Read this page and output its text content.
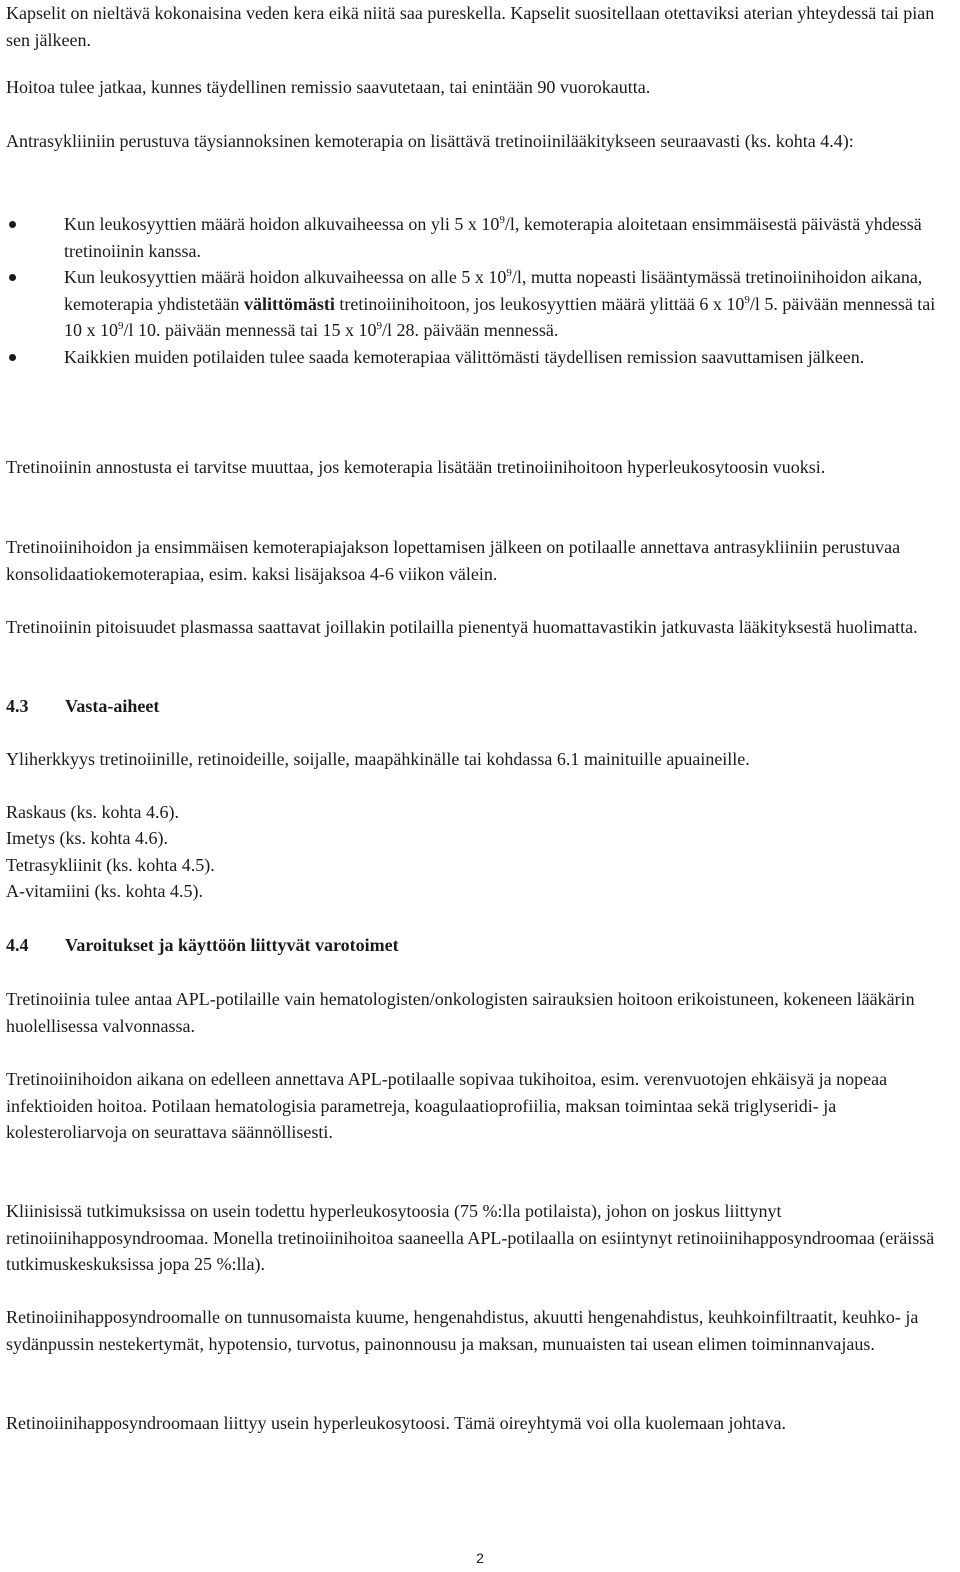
Kapselit on nieltävä kokonaisina veden kera eikä niitä saa pureskella. Kapselit suositellaan otettaviksi aterian yhteydessä tai pian sen jälkeen.

Hoitoa tulee jatkaa, kunnes täydellinen remissio saavutetaan, tai enintään 90 vuorokautta.

Antrasykliiniin perustuva täysiannoksinen kemoterapia on lisättävä tretinoiinilääkitykseen seuraavasti (ks. kohta 4.4):

Kun leukosyyttien määrä hoidon alkuvaiheessa on yli 5 x $10^9/l$, kemoterapia aloitetaan ensimmäisestä päivästä yhdessä tretinoiinin kanssa.
Kun leukosyyttien määrä hoidon alkuvaiheessa on alle 5 x $10^9/l$, mutta nopeasti lisääntymässä tretinoiinihoidon aikana, kemoterapia yhdistetään välittömästi tretinoiinihoitoon, jos leukosyyttien määrä ylittää 6 x $10^9/l$ 5. päivään mennessä tai 10 x $10^9/l$ 10. päivään mennessä tai 15 x $10^9/l$ 28. päivään mennessä.
Kaikkien muiden potilaiden tulee saada kemoterapiaa välittömästi täydellisen remission saavuttamisen jälkeen.

Tretinoiinin annostusta ei tarvitse muuttaa, jos kemoterapia lisätään tretinoiinihoitoon hyperleukosytoosin vuoksi.

Tretinoiinihoidon ja ensimmäisen kemoterapiajakson lopettamisen jälkeen on potilaalle annettava antrasykliiniin perustuvaa konsolidaatiokemoterapiaa, esim. kaksi lisäjaksoa 4-6 viikon välein.

Tretinoiinin pitoisuudet plasmassa saattavat joillakin potilailla pienentyä huomattavastikin jatkuvasta lääkityksestä huolimatta.

4.3 Vasta-aiheet

Yliherkkyys tretinoiinille, retinoideille, soijalle, maapähkinälle tai kohdassa 6.1 mainituille apuaineille.

Raskaus (ks. kohta 4.6).

Imetys (ks. kohta 4.6).

Tetrasykliinit (ks. kohta 4.5).

A-vitamiini (ks. kohta 4.5).

4.4 Varoitukset ja käyttöön liittyvät varotoimet

Tretinoiinia tulee antaa APL-potilaille vain hematologisten/onkologisten sairauksien hoitoon erikoistuneen, kokeneen lääkärin huolellisessa valvonnassa.

Tretinoiinihoidon aikana on edelleen annettava APL-potilaalle sopivaa tukihoitoa, esim. verenvuotojen ehkäisyä ja nopeaa infektioiden hoitoa. Potilaan hematologisia parametreja, koagulaatioprofiilia, maksan toimintaa sekä triglyseridi- ja kolesteroliarvoja on seurattava säännöllisesti.

Kliinisissä tutkimuksissa on usein todettu hyperleukosytoosia (75 %:lla potilaista), johon on joskus liittynyt retinoiinihapposyndroomaa. Monella tretinoiinihoitoa saaneella APL-potilaalla on esiintynyt retinoiinihapposyndroomaa (eräissä tutkimuskeskuksissa jopa 25 %:lla).

Retinoiinihapposyndroomalle on tunnusomaista kuume, hengenahdistus, akuutti hengenahdistus, keuhkoinfiltraatit, keuhko- ja sydänpussin nestekertymät, hypotensio, turvotus, painonnousu ja maksan, munuaisten tai usean elimen toiminnanvajaus.

Retinoiinihapposyndroomaan liittyy usein hyperleukosytoosi. Tämä oireyhtymä voi olla kuolemaan johtava.

2
